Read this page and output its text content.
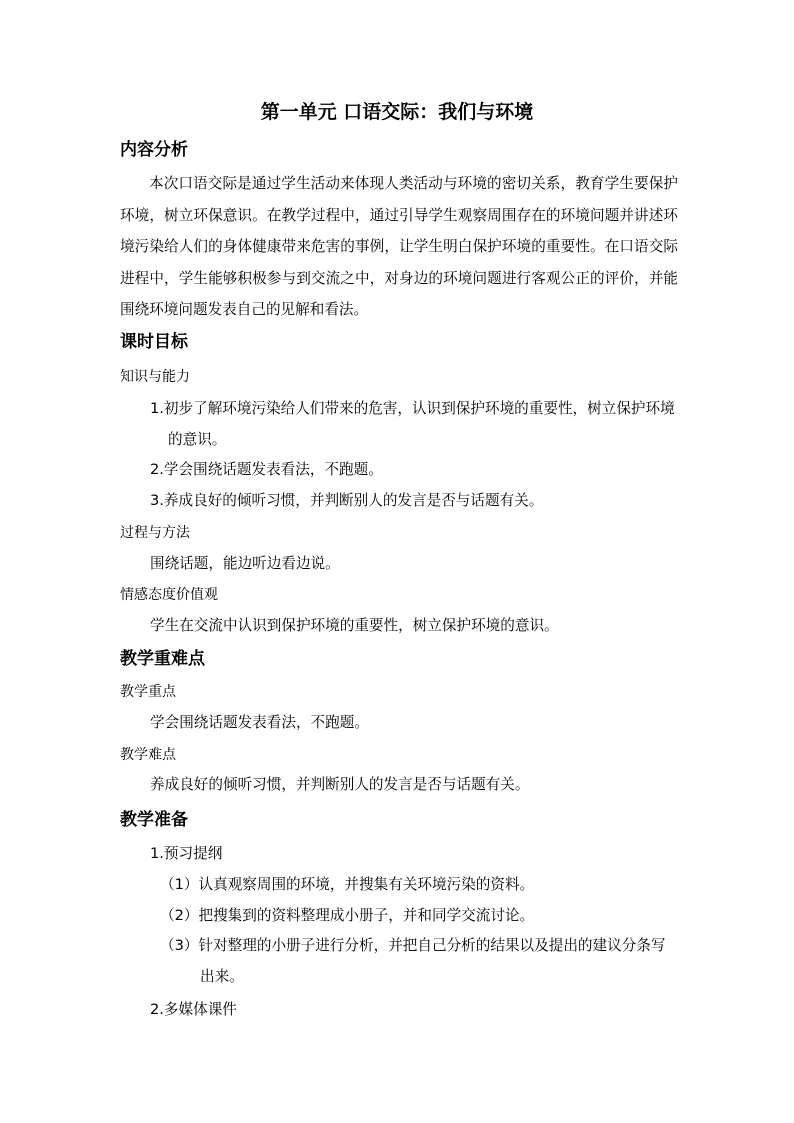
第一单元 口语交际：我们与环境
内容分析
本次口语交际是通过学生活动来体现人类活动与环境的密切关系，教育学生要保护环境，树立环保意识。在教学过程中，通过引导学生观察周围存在的环境问题并讲述环境污染给人们的身体健康带来危害的事例，让学生明白保护环境的重要性。在口语交际进程中，学生能够积极参与到交流之中，对身边的环境问题进行客观公正的评价，并能围绕环境问题发表自己的见解和看法。
课时目标
知识与能力
1.初步了解环境污染给人们带来的危害，认识到保护环境的重要性，树立保护环境的意识。
2.学会围绕话题发表看法，不跑题。
3.养成良好的倾听习惯，并判断别人的发言是否与话题有关。
过程与方法
围绕话题，能边听边看边说。
情感态度价值观
学生在交流中认识到保护环境的重要性，树立保护环境的意识。
教学重难点
教学重点
学会围绕话题发表看法，不跑题。
教学难点
养成良好的倾听习惯，并判断别人的发言是否与话题有关。
教学准备
1.预习提纲
（1）认真观察周围的环境，并搜集有关环境污染的资料。
（2）把搜集到的资料整理成小册子，并和同学交流讨论。
（3）针对整理的小册子进行分析，并把自己分析的结果以及提出的建议分条写出来。
2.多媒体课件
